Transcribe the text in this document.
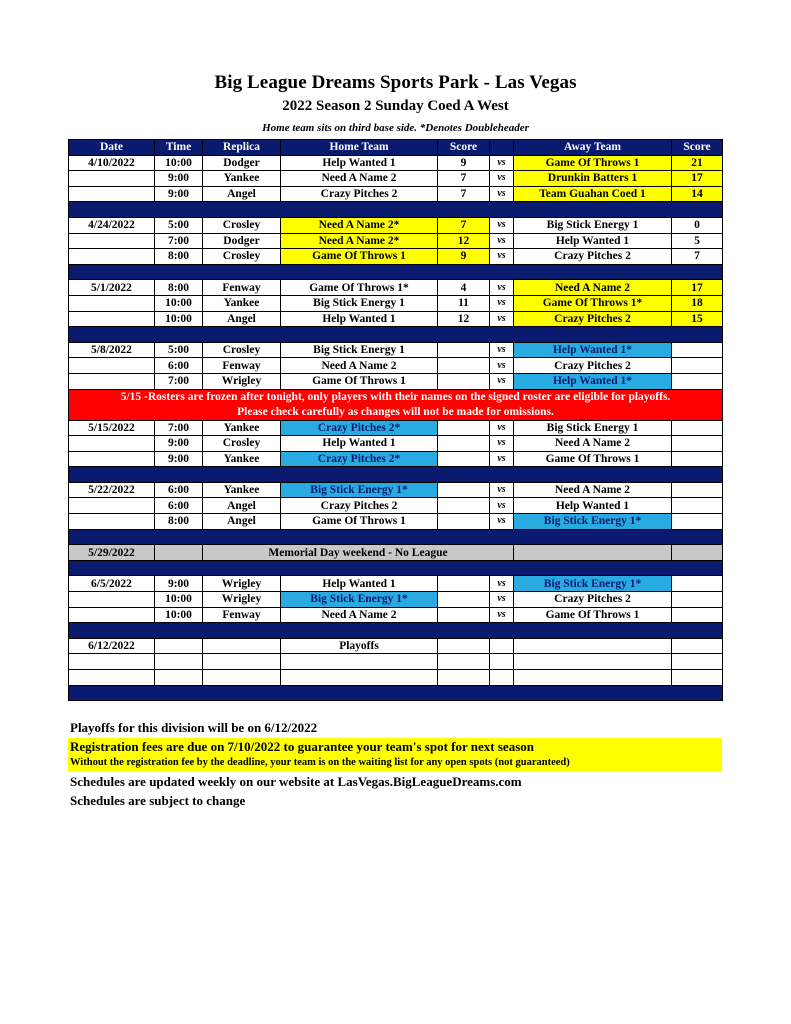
Big League Dreams Sports Park - Las Vegas
2022 Season 2 Sunday Coed A West
Home team sits on third base side. *Denotes Doubleheader
Date	Time	Replica	Home Team	Score		Away Team	Score
4/10/2022	10:00	Dodger	Help Wanted 1	9	vs	Game Of Throws 1	21
	9:00	Yankee	Need A Name 2	7	vs	Drunkin Batters 1	17
	9:00	Angel	Crazy Pitches 2	7	vs	Team Guahan Coed 1	14

4/24/2022	5:00	Crosley	Need A Name 2*	7	vs	Big Stick Energy 1	0
	7:00	Dodger	Need A Name 2*	12	vs	Help Wanted 1	5
	8:00	Crosley	Game Of Throws 1	9	vs	Crazy Pitches 2	7

5/1/2022	8:00	Fenway	Game Of Throws 1*	4	vs	Need A Name 2	17
	10:00	Yankee	Big Stick Energy 1	11	vs	Game Of Throws 1*	18
	10:00	Angel	Help Wanted 1	12	vs	Crazy Pitches 2	15

5/8/2022	5:00	Crosley	Big Stick Energy 1		vs	Help Wanted 1*	
	6:00	Fenway	Need A Name 2		vs	Crazy Pitches 2	
	7:00	Wrigley	Game Of Throws 1		vs	Help Wanted 1*	

5/15 -Rosters are frozen after tonight, only players with their names on the signed roster are eligible for playoffs.
Please check carefully as changes will not be made for omissions.							

5/15/2022	7:00	Yankee	Crazy Pitches 2*		vs	Big Stick Energy 1	
	9:00	Crosley	Help Wanted 1		vs	Need A Name 2	
	9:00	Yankee	Crazy Pitches 2*		vs	Game Of Throws 1	

5/22/2022	6:00	Yankee	Big Stick Energy 1*		vs	Need A Name 2	
	6:00	Angel	Crazy Pitches 2		vs	Help Wanted 1	
	8:00	Angel	Game Of Throws 1		vs	Big Stick Energy 1*	

5/29/2022		Memorial Day weekend - No League					

6/5/2022	9:00	Wrigley	Help Wanted 1		vs	Big Stick Energy 1*	
	10:00	Wrigley	Big Stick Energy 1*		vs	Crazy Pitches 2	
	10:00	Fenway	Need A Name 2		vs	Game Of Throws 1	

6/12/2022			Playoffs				

Playoffs for this division will be on 6/12/2022
Registration fees are due on 7/10/2022 to guarantee your team's spot for next season
Without the registration fee by the deadline, your team is on the waiting list for any open spots (not guaranteed)
Schedules are updated weekly on our website at LasVegas.BigLeagueDreams.com
Schedules are subject to change
